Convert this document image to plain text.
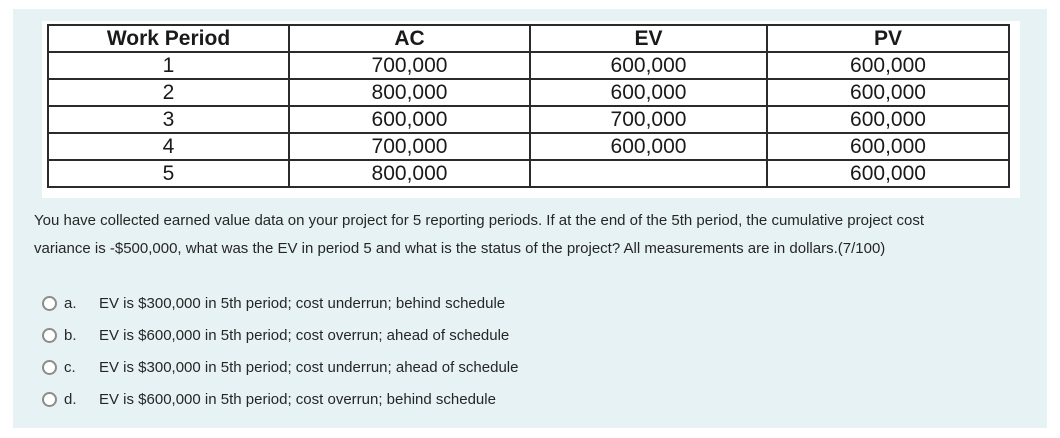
Work Period	AC	EV	PV
1	700,000	600,000	600,000
2	800,000	600,000	600,000
3	600,000	700,000	600,000
4	700,000	600,000	600,000
5	800,000		600,000
You have collected earned value data on your project for 5 reporting periods. If at the end of the 5th period, the cumulative project cost
variance is -$500,000, what was the EV in period 5 and what is the status of the project? All measurements are in dollars.(7/100)
a.	EV is $300,000 in 5th period; cost underrun; behind schedule
b.	EV is $600,000 in 5th period; cost overrun; ahead of schedule
c.	EV is $300,000 in 5th period; cost underrun; ahead of schedule
d.	EV is $600,000 in 5th period; cost overrun; behind schedule
